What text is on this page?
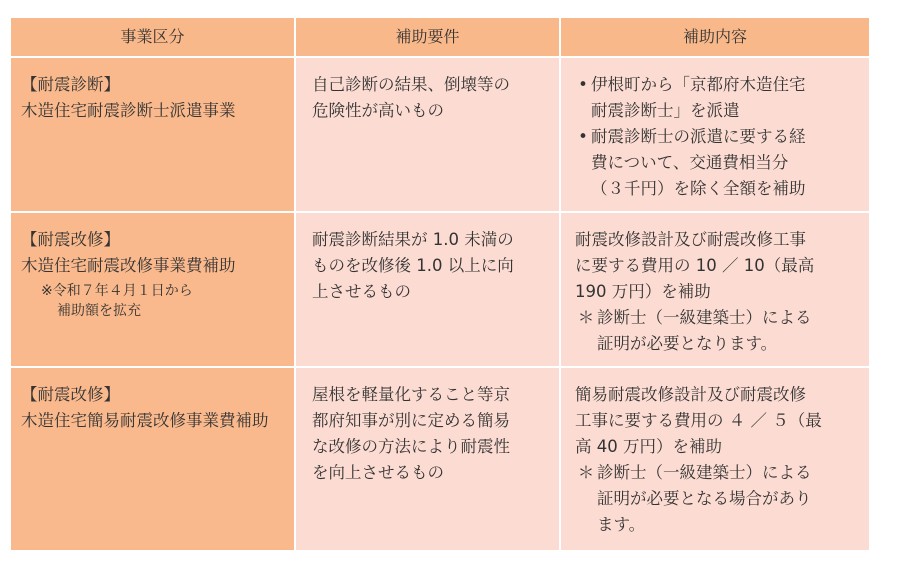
事業区分	補助要件	補助内容
【耐震診断】
木造住宅耐震診断士派遣事業
自己診断の結果、倒壊等の
危険性が高いもの
• 伊根町から「京都府木造住宅
耐震診断士」を派遣
• 耐震診断士の派遣に要する経
費について、交通費相当分
（３千円）を除く全額を補助
【耐震改修】
木造住宅耐震改修事業費補助
※令和７年４月１日から
補助額を拡充
耐震診断結果が 1.0 未満の
ものを改修後 1.0 以上に向
上させるもの
耐震改修設計及び耐震改修工事
に要する費用の 10 ／ 10（最高
190 万円）を補助
＊ 診断士（一級建築士）による
証明が必要となります。
【耐震改修】
木造住宅簡易耐震改修事業費補助
屋根を軽量化すること等京
都府知事が別に定める簡易
な改修の方法により耐震性
を向上させるもの
簡易耐震改修設計及び耐震改修
工事に要する費用の ４ ／ ５（最
高 40 万円）を補助
＊ 診断士（一級建築士）による
証明が必要となる場合があり
ます。
